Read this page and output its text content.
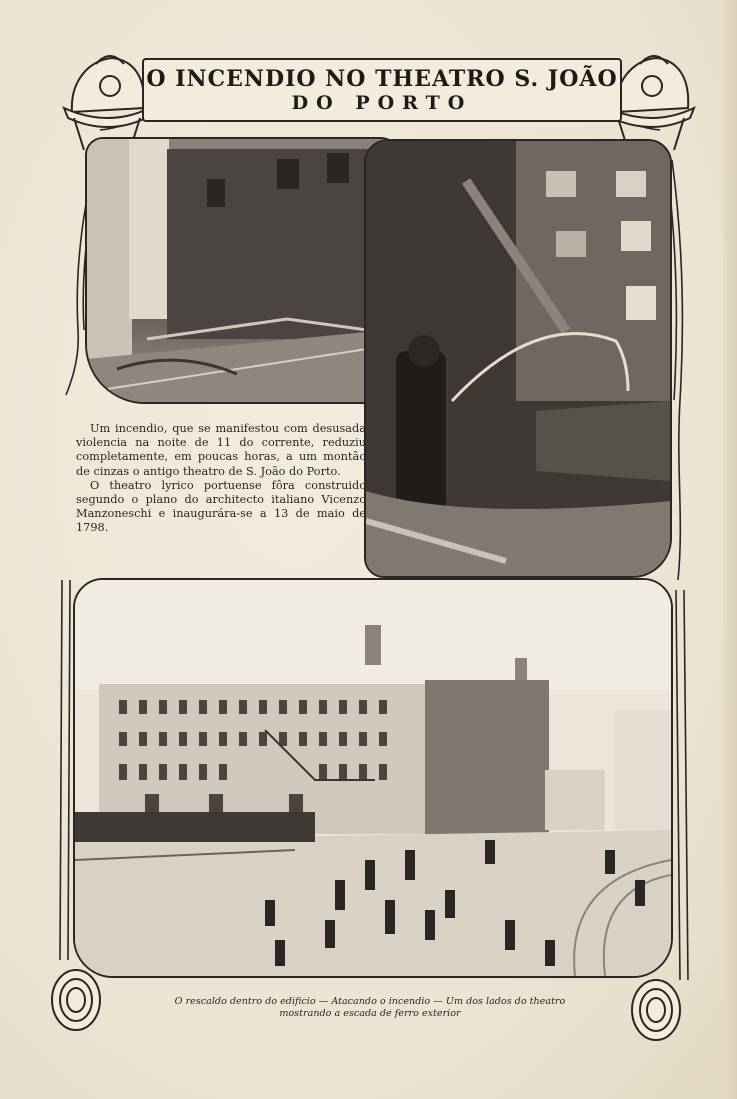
O INCENDIO NO THEATRO S. JOÃO
DO PORTO

Um incendio, que se manifestou com desusada violencia na noite de 11 do corrente, reduziu completamente, em poucas horas, a um montão de cinzas o antigo theatro de S. João do Porto.

O theatro lyrico portuense fôra construido segundo o plano do architecto italiano Vicenzo Manzoneschi e inaugurára-se a 13 de maio de 1798.

O rescaldo dentro do edificio — Atacando o incendio — Um dos lados do theatro
mostrando a escada de ferro exterior
